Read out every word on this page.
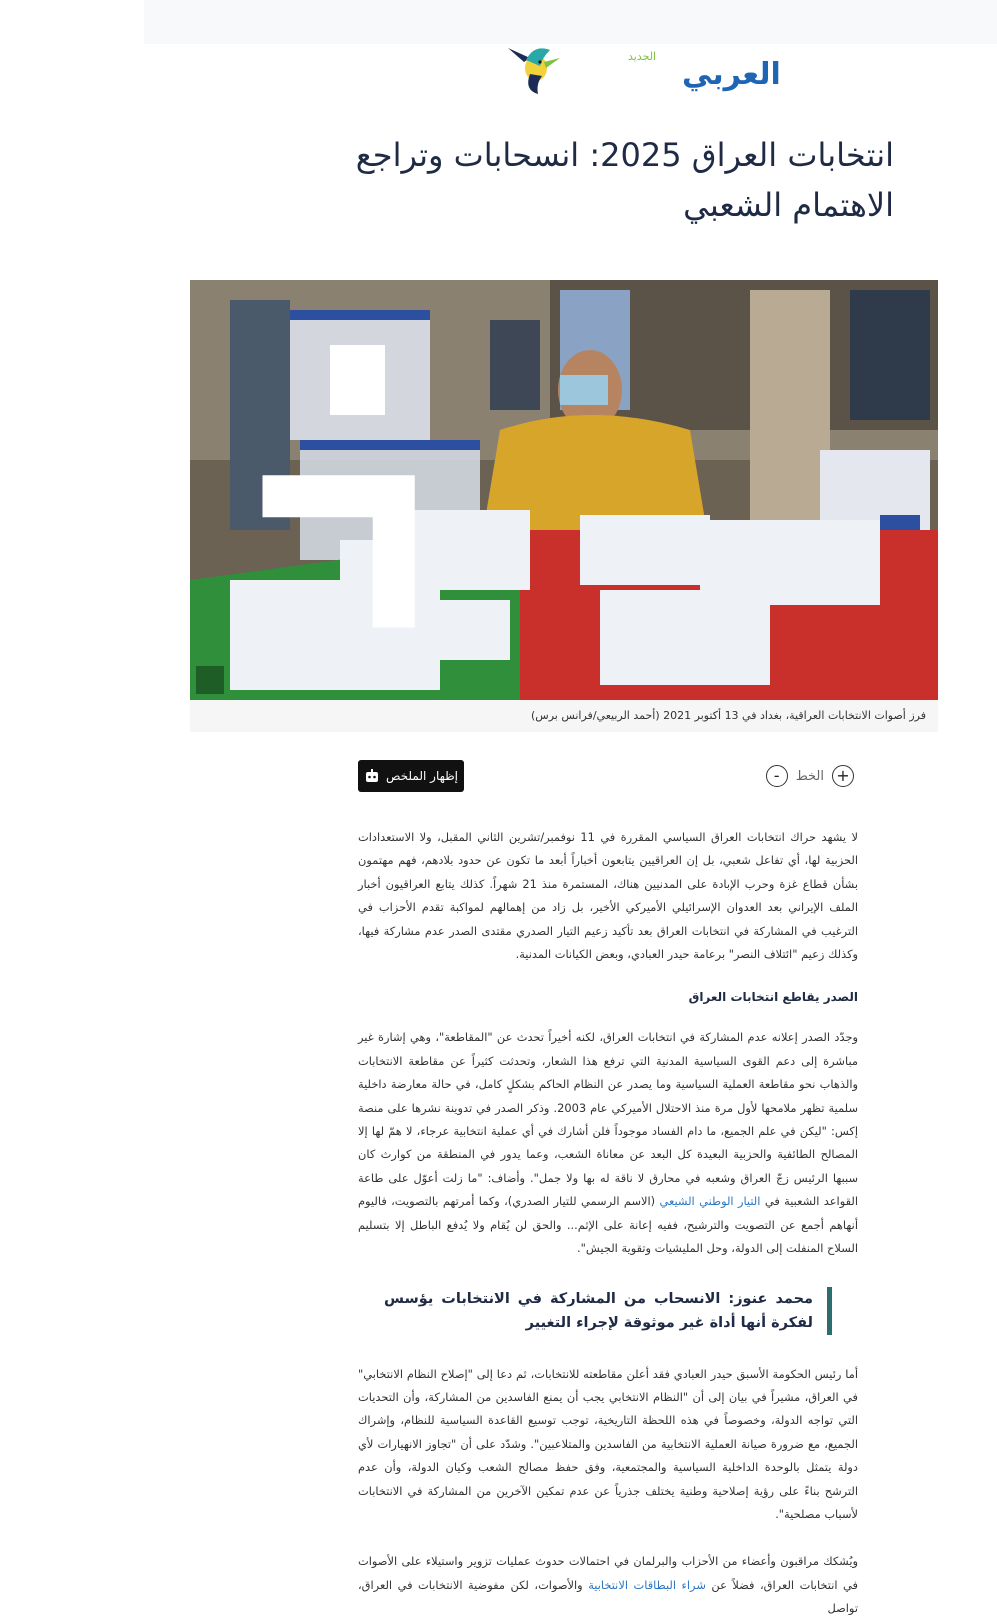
العربي
الجديد
انتخابات العراق 2025: انسحابات وتراجع الاهتمام الشعبي
فرز أصوات الانتخابات العراقية، بغداد في 13 أكتوبر 2021 (أحمد الربيعي/فرانس برس)
+
الخط
-
إظهار الملخص

لا يشهد حراك انتخابات العراق السياسي المقررة في 11 نوفمبر/تشرين الثاني المقبل، ولا الاستعدادات الحزبية لها، أي تفاعل شعبي، بل إن العراقيين يتابعون أخباراً أبعد ما تكون عن حدود بلادهم، فهم مهتمون بشأن قطاع غزة وحرب الإبادة على المدنيين هناك، المستمرة منذ 21 شهراً. كذلك يتابع العراقيون أخبار الملف الإيراني بعد العدوان الإسرائيلي الأميركي الأخير، بل زاد من إهمالهم لمواكبة تقدم الأحزاب في الترغيب في المشاركة في انتخابات العراق بعد تأكيد زعيم التيار الصدري مقتدى الصدر عدم مشاركة فيها، وكذلك زعيم "ائتلاف النصر" برعامة حيدر العبادي، وبعض الكيانات المدنية.

الصدر يقاطع انتخابات العراق

وجدّد الصدر إعلانه عدم المشاركة في انتخابات العراق، لكنه أخيراً تحدث عن "المقاطعة"، وهي إشارة غير مباشرة إلى دعم القوى السياسية المدنية التي ترفع هذا الشعار، وتحدثت كثيراً عن مقاطعة الانتخابات والذهاب نحو مقاطعة العملية السياسية وما يصدر عن النظام الحاكم بشكلٍ كامل، في حالة معارضة داخلية سلمية تظهر ملامحها لأول مرة منذ الاحتلال الأميركي عام 2003. وذكر الصدر في تدوينة نشرها على منصة إكس: "ليكن في علم الجميع، ما دام الفساد موجوداً فلن أشارك في أي عملية انتخابية عرجاء، لا همّ لها إلا المصالح الطائفية والحزبية البعيدة كل البعد عن معاناة الشعب، وعما يدور في المنطقة من كوارث كان سببها الرئيس زجّ العراق وشعبه في محارق لا ناقة له بها ولا جمل". وأضاف: "ما زلت أعوّل على طاعة القواعد الشعبية في التيار الوطني الشيعي (الاسم الرسمي للتيار الصدري)، وكما أمرتهم بالتصويت، فاليوم أنهاهم أجمع عن التصويت والترشيح، ففيه إعانة على الإثم... والحق لن يُقام ولا يُدفع الباطل إلا بتسليم السلاح المنفلت إلى الدولة، وحل المليشيات وتقوية الجيش".

محمد عنوز: الانسحاب من المشاركة في الانتخابات يؤسس لفكرة أنها أداة غير موثوقة لإجراء التغيير

أما رئيس الحكومة الأسبق حيدر العبادي فقد أعلن مقاطعته للانتخابات، ثم دعا إلى "إصلاح النظام الانتخابي" في العراق، مشيراً في بيان إلى أن "النظام الانتخابي يجب أن يمنع الفاسدين من المشاركة، وأن التحديات التي تواجه الدولة، وخصوصاً في هذه اللحظة التاريخية، توجب توسيع القاعدة السياسية للنظام، وإشراك الجميع، مع ضرورة صيانة العملية الانتخابية من الفاسدين والمتلاعبين". وشدّد على أن "تجاوز الانهيارات لأي دولة يتمثل بالوحدة الداخلية السياسية والمجتمعية، وفق حفظ مصالح الشعب وكيان الدولة، وأن عدم الترشح بناءً على رؤية إصلاحية وطنية يختلف جذرياً عن عدم تمكين الآخرين من المشاركة في الانتخابات لأسباب مصلحية".

ويُشكك مراقبون وأعضاء من الأحزاب والبرلمان في احتمالات حدوث عمليات تزوير واستيلاء على الأصوات في انتخابات العراق، فضلاً عن شراء البطاقات الانتخابية والأصوات، لكن مفوضية الانتخابات في العراق، تواصل
